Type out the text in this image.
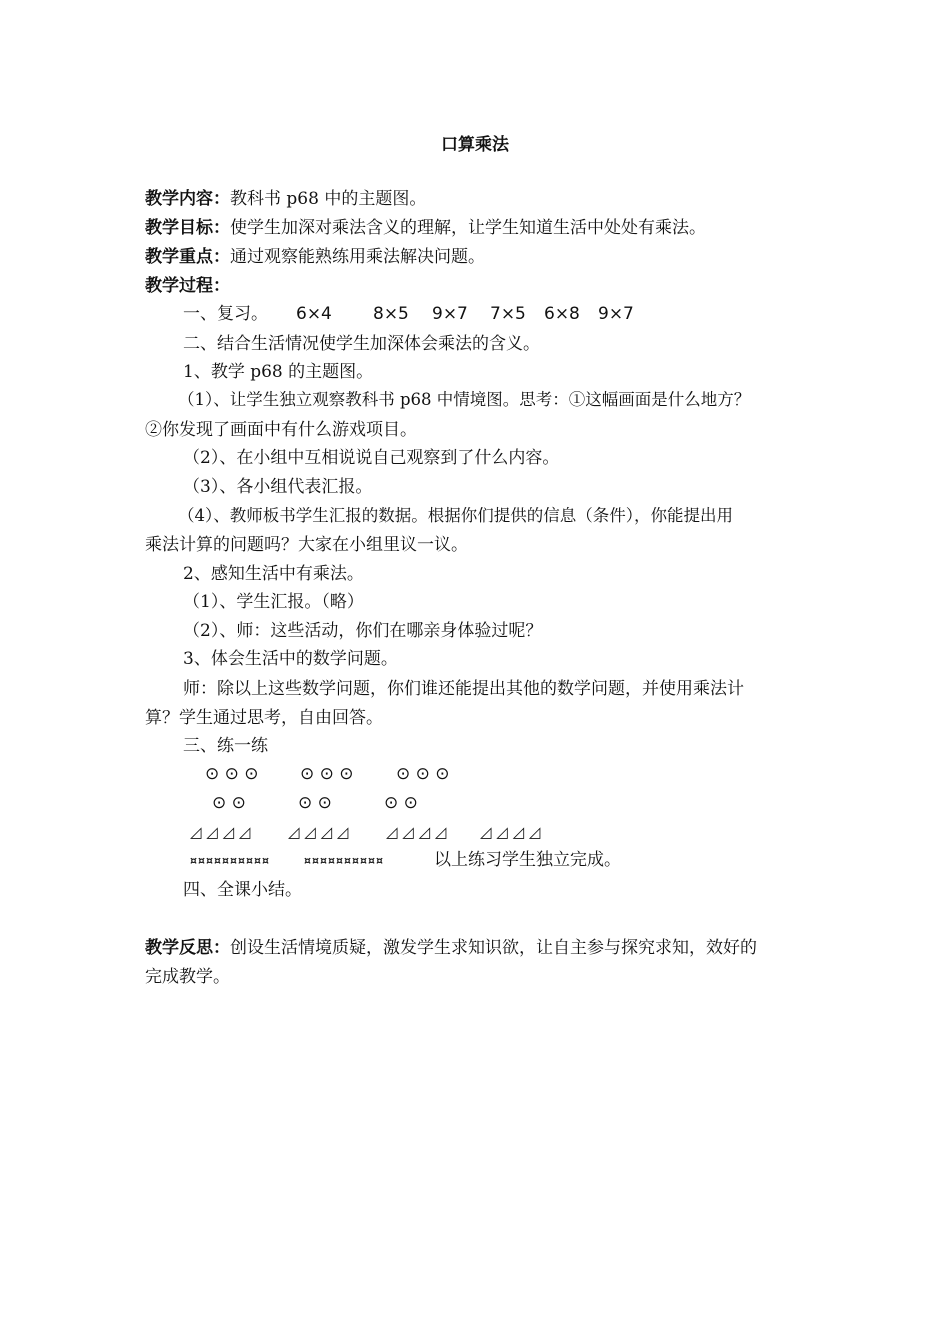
口算乘法
教学内容：教科书 p68 中的主题图。
教学目标：使学生加深对乘法含义的理解，让学生知道生活中处处有乘法。
教学重点：通过观察能熟练用乘法解决问题。
教学过程：
一、复习。 6×4 8×5 9×7 7×5 6×8 9×7
二、结合生活情况使学生加深体会乘法的含义。
1、教学 p68 的主题图。
（1）、让学生独立观察教科书 p68 中情境图。思考：①这幅画面是什么地方？
②你发现了画面中有什么游戏项目。
（2）、在小组中互相说说自己观察到了什么内容。
（3）、各小组代表汇报。
（4）、教师板书学生汇报的数据。根据你们提供的信息（条件），你能提出用
乘法计算的问题吗？大家在小组里议一议。
2、感知生活中有乘法。
（1）、学生汇报。（略）
（2）、师：这些活动，你们在哪亲身体验过呢？
3、体会生活中的数学问题。
师：除以上这些数学问题，你们谁还能提出其他的数学问题，并使用乘法计
算？学生通过思考，自由回答。
三、练一练
⊙ ⊙ ⊙ ⊙ ⊙ ⊙ ⊙ ⊙ ⊙
⊙ ⊙	⊙ ⊙	⊙ ⊙
◿ ◿ ◿ ◿	◿ ◿ ◿ ◿	◿ ◿ ◿ ◿ ◿ ◿ ◿ ◿
¤¤¤¤¤¤¤¤¤¤	¤¤¤¤¤¤¤¤¤¤	以上练习学生独立完成。
四、全课小结。
教学反思：创设生活情境质疑，激发学生求知识欲，让自主参与探究求知，效好的
完成教学。
